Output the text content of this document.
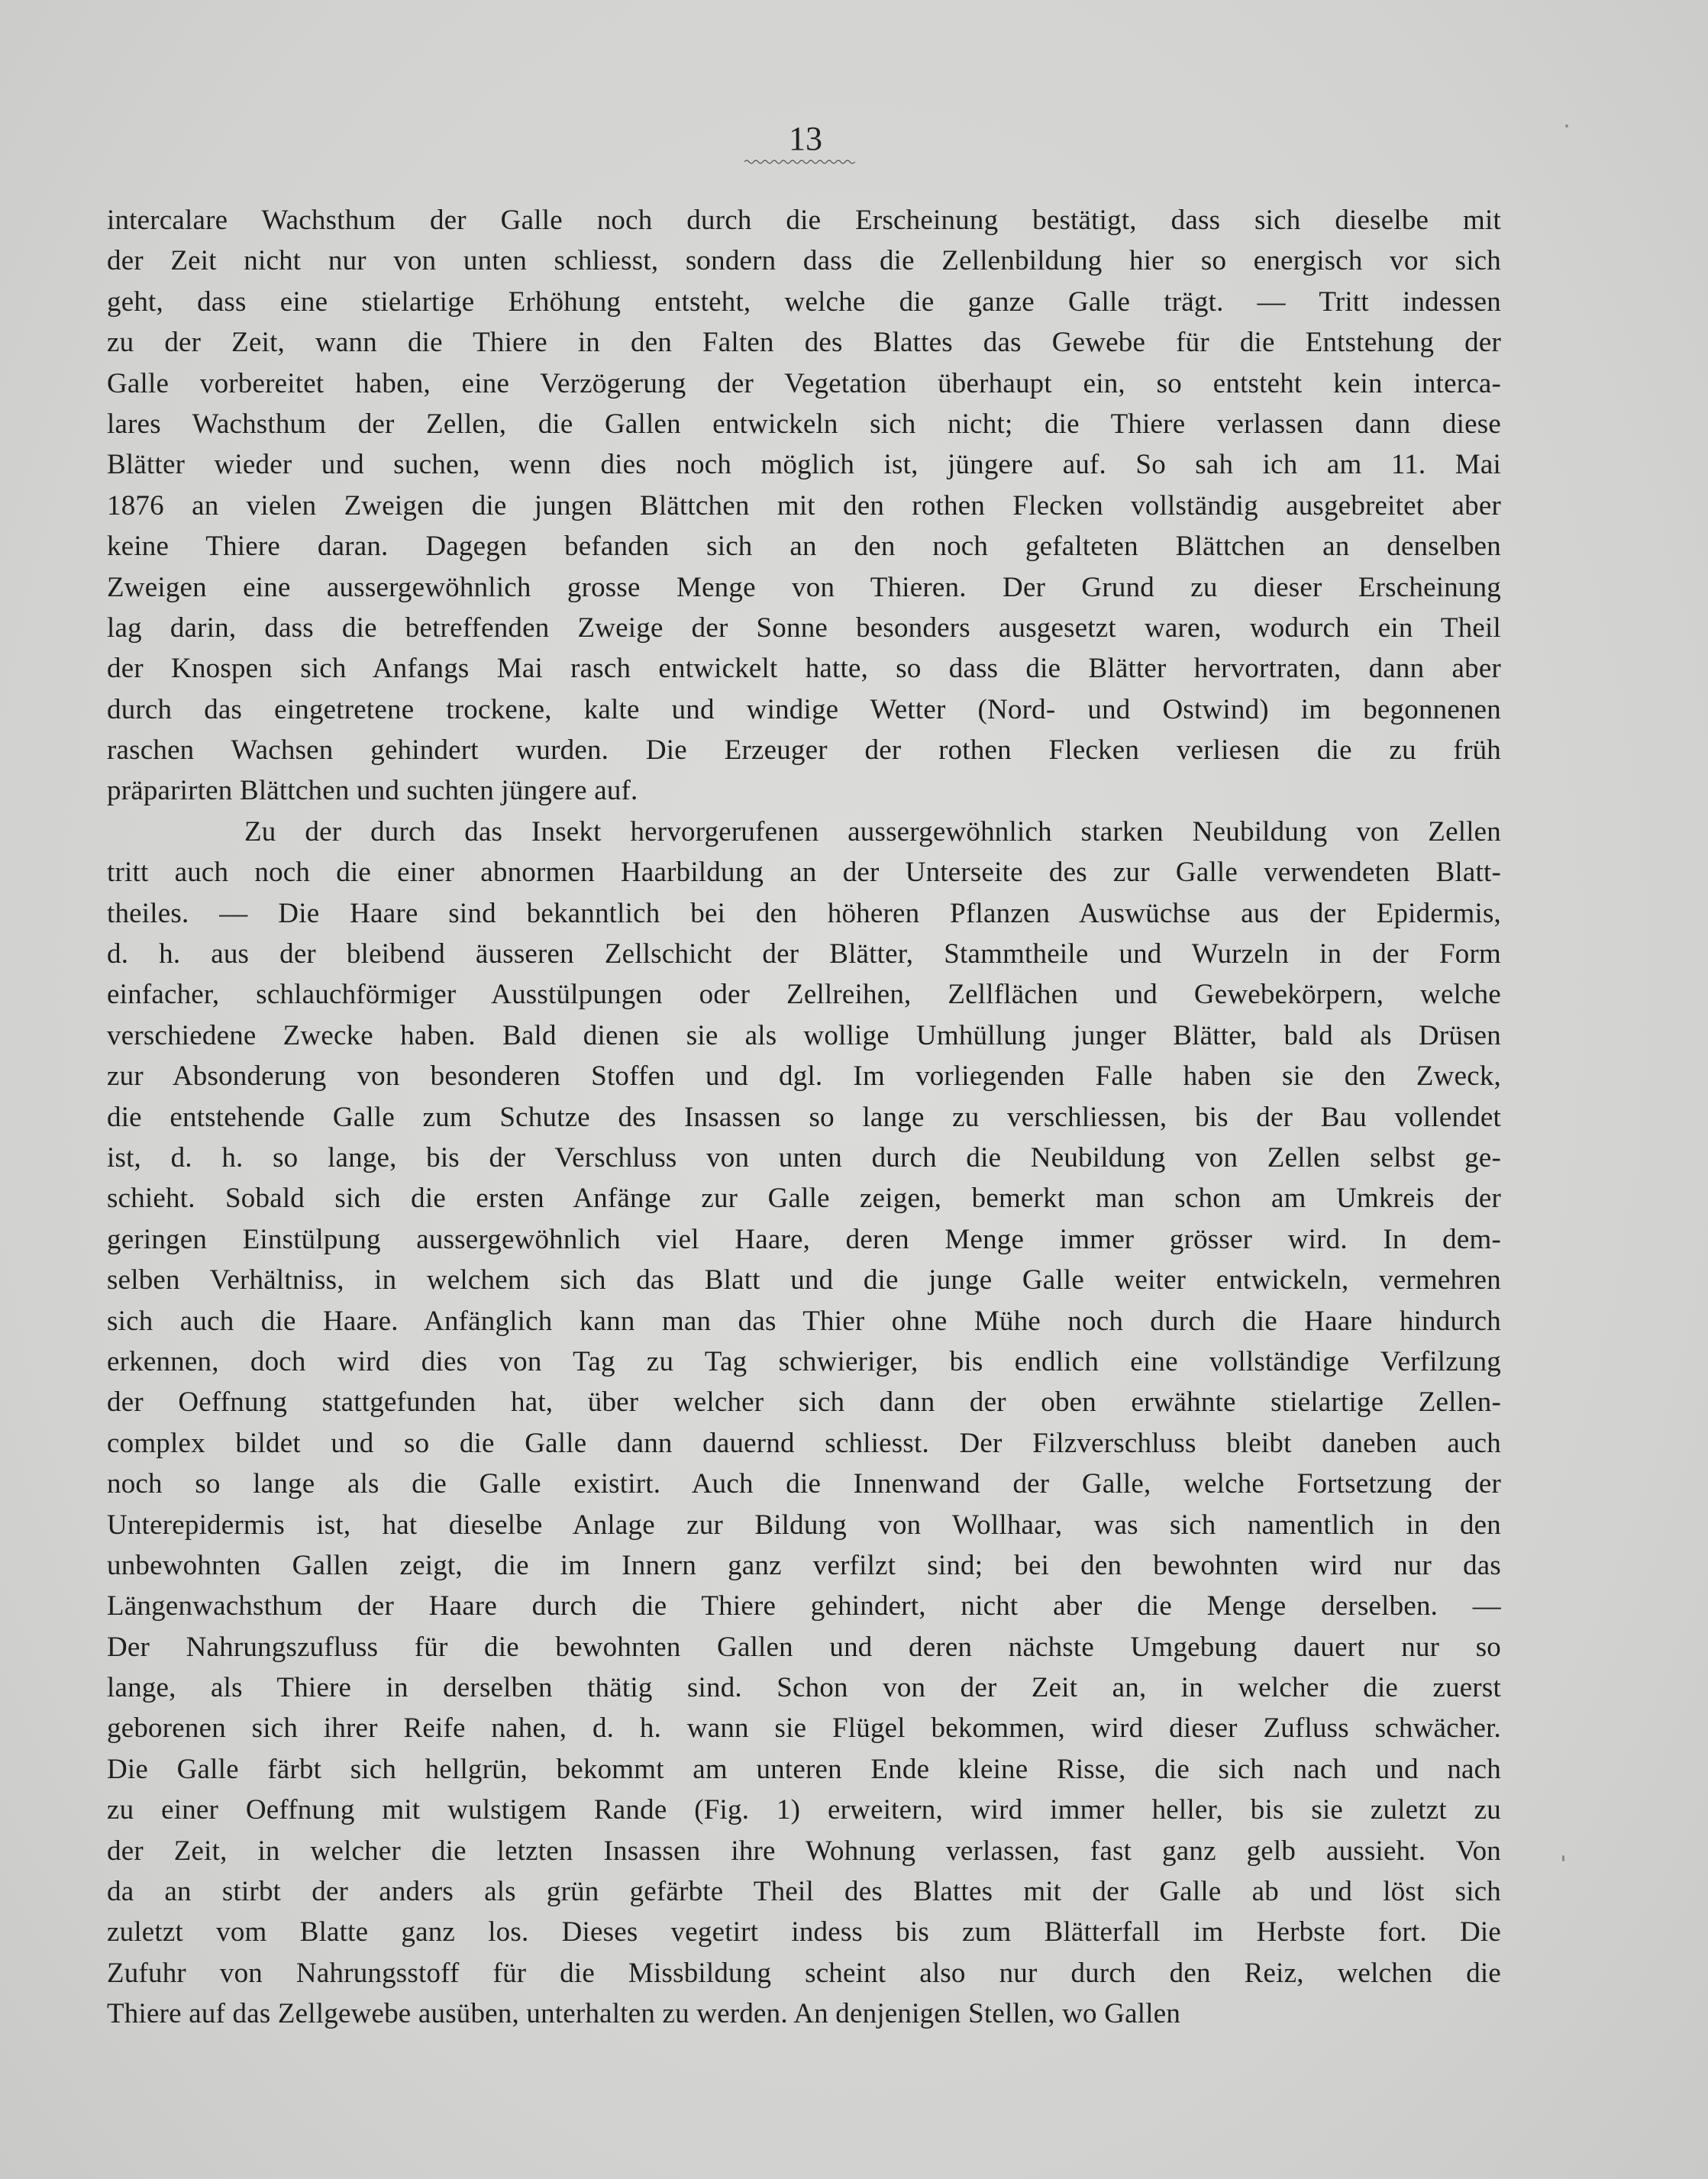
13
intercalare Wachsthum der Galle noch durch die Erscheinung bestätigt, dass sich dieselbe mit
der Zeit nicht nur von unten schliesst, sondern dass die Zellenbildung hier so energisch vor sich
geht, dass eine stielartige Erhöhung entsteht, welche die ganze Galle trägt. — Tritt indessen
zu der Zeit, wann die Thiere in den Falten des Blattes das Gewebe für die Entstehung der
Galle vorbereitet haben, eine Verzögerung der Vegetation überhaupt ein, so entsteht kein interca-
lares Wachsthum der Zellen, die Gallen entwickeln sich nicht; die Thiere verlassen dann diese
Blätter wieder und suchen, wenn dies noch möglich ist, jüngere auf. So sah ich am 11. Mai
1876 an vielen Zweigen die jungen Blättchen mit den rothen Flecken vollständig ausgebreitet aber
keine Thiere daran. Dagegen befanden sich an den noch gefalteten Blättchen an denselben
Zweigen eine aussergewöhnlich grosse Menge von Thieren. Der Grund zu dieser Erscheinung
lag darin, dass die betreffenden Zweige der Sonne besonders ausgesetzt waren, wodurch ein Theil
der Knospen sich Anfangs Mai rasch entwickelt hatte, so dass die Blätter hervortraten, dann aber
durch das eingetretene trockene, kalte und windige Wetter (Nord- und Ostwind) im begonnenen
raschen Wachsen gehindert wurden. Die Erzeuger der rothen Flecken verliesen die zu früh
präparirten Blättchen und suchten jüngere auf.
Zu der durch das Insekt hervorgerufenen aussergewöhnlich starken Neubildung von Zellen
tritt auch noch die einer abnormen Haarbildung an der Unterseite des zur Galle verwendeten Blatt-
theiles. — Die Haare sind bekanntlich bei den höheren Pflanzen Auswüchse aus der Epidermis,
d. h. aus der bleibend äusseren Zellschicht der Blätter, Stammtheile und Wurzeln in der Form
einfacher, schlauchförmiger Ausstülpungen oder Zellreihen, Zellflächen und Gewebekörpern, welche
verschiedene Zwecke haben. Bald dienen sie als wollige Umhüllung junger Blätter, bald als Drüsen
zur Absonderung von besonderen Stoffen und dgl. Im vorliegenden Falle haben sie den Zweck,
die entstehende Galle zum Schutze des Insassen so lange zu verschliessen, bis der Bau vollendet
ist, d. h. so lange, bis der Verschluss von unten durch die Neubildung von Zellen selbst ge-
schieht. Sobald sich die ersten Anfänge zur Galle zeigen, bemerkt man schon am Umkreis der
geringen Einstülpung aussergewöhnlich viel Haare, deren Menge immer grösser wird. In dem-
selben Verhältniss, in welchem sich das Blatt und die junge Galle weiter entwickeln, vermehren
sich auch die Haare. Anfänglich kann man das Thier ohne Mühe noch durch die Haare hindurch
erkennen, doch wird dies von Tag zu Tag schwieriger, bis endlich eine vollständige Verfilzung
der Oeffnung stattgefunden hat, über welcher sich dann der oben erwähnte stielartige Zellen-
complex bildet und so die Galle dann dauernd schliesst. Der Filzverschluss bleibt daneben auch
noch so lange als die Galle existirt. Auch die Innenwand der Galle, welche Fortsetzung der
Unterepidermis ist, hat dieselbe Anlage zur Bildung von Wollhaar, was sich namentlich in den
unbewohnten Gallen zeigt, die im Innern ganz verfilzt sind; bei den bewohnten wird nur das
Längenwachsthum der Haare durch die Thiere gehindert, nicht aber die Menge derselben. —
Der Nahrungszufluss für die bewohnten Gallen und deren nächste Umgebung dauert nur so
lange, als Thiere in derselben thätig sind. Schon von der Zeit an, in welcher die zuerst
geborenen sich ihrer Reife nahen, d. h. wann sie Flügel bekommen, wird dieser Zufluss schwächer.
Die Galle färbt sich hellgrün, bekommt am unteren Ende kleine Risse, die sich nach und nach
zu einer Oeffnung mit wulstigem Rande (Fig. 1) erweitern, wird immer heller, bis sie zuletzt zu
der Zeit, in welcher die letzten Insassen ihre Wohnung verlassen, fast ganz gelb aussieht. Von
da an stirbt der anders als grün gefärbte Theil des Blattes mit der Galle ab und löst sich
zuletzt vom Blatte ganz los. Dieses vegetirt indess bis zum Blätterfall im Herbste fort. Die
Zufuhr von Nahrungsstoff für die Missbildung scheint also nur durch den Reiz, welchen die
Thiere auf das Zellgewebe ausüben, unterhalten zu werden. An denjenigen Stellen, wo Gallen
